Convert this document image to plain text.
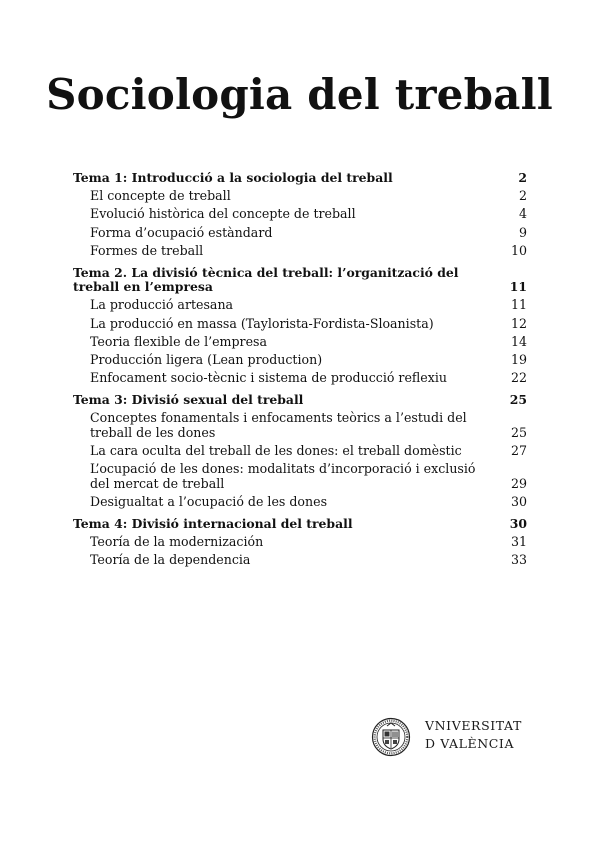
Sociologia del treball
Tema 1: Introducció a la sociologia del treball	2
El concepte de treball	2
Evolució històrica del concepte de treball	4
Forma d’ocupació estàndard	9
Formes de treball	10
Tema 2. La divisió tècnica del treball: l’organització del treball en l’empresa	11
La producció artesana	11
La producció en massa (Taylorista-Fordista-Sloanista)	12
Teoria flexible de l’empresa	14
Producción ligera (Lean production)	19
Enfocament socio-tècnic i sistema de producció reflexiu	22
Tema 3: Divisió sexual del treball	25
Conceptes fonamentals i enfocaments teòrics a l’estudi del treball de les dones	25
La cara oculta del treball de les dones: el treball domèstic	27
L’ocupació de les dones: modalitats d’incorporació i exclusió del mercat de treball	29
Desigualtat a l’ocupació de les dones	30
Tema 4: Divisió internacional del treball	30
Teoría de la modernización	31
Teoría de la dependencia	33
VNIVERSITAT
D VALÈNCIA
